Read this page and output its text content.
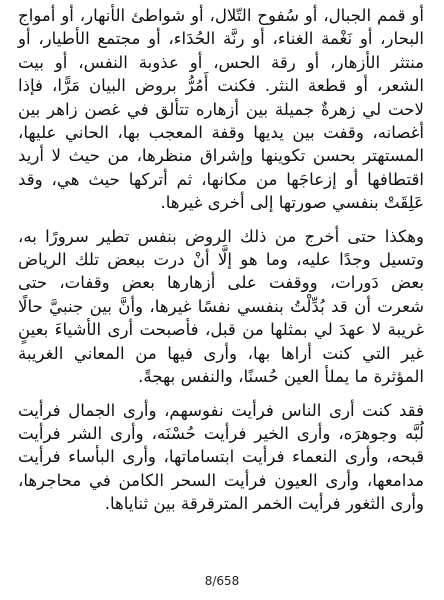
أو قمم الجبال، أو سُفوح التّلال، أو شواطئ الأنهار، أو أمواج البحار، أو نَغْمة الغناء، أو رنَّة الحُدَاء، أو مجتمع الأطيار، أو منتثر الأزهار، أو رقة الحس، أو عذوبة النفس، أو بيت الشعر، أو قطعة النثر. فكنت أَمُرُّ بروض البيان مَرًّا، فإذا لاحت لي زهرةٌ جميلة بين أزهاره تتألق في غصن زاهر بين أغصانه، وقفت بين يديها وقفة المعجب بها، الحاني عليها، المستهتر بحسن تكوينها وإشراق منظرها، من حيث لا أريد اقتطافها أو إزعاجَها من مكانها، ثم أتركها حيث هي، وقد عَلِقَتْ بنفسي صورتها إلى أخرى غيرها.

وهكذا حتى أخرج من ذلك الروض بنفس تطير سرورًا به، وتسيل وجدًا عليه، وما هو إلَّا أنْ درت ببعض تلك الرياض بعض دَورات، ووقفت على أزهارها بعض وقفات، حتى شعرت أن قد بُدِّلْتُ بنفسي نفسًا غيرها، وأنَّ بين جنبيَّ حالًا غريبة لا عهدَ لي بمثلها من قبل، فأصبحت أرى الأشياءَ بعينٍ غير التي كنت أراها بها، وأرى فيها من المعاني الغريبة المؤثرة ما يملأ العين حُسنًا، والنفس بهجةً.

فقد كنت أرى الناس فرأيت نفوسهم، وأرى الجمال فرأيت لُبَّه وجوهرَه، وأرى الخير فرأيت حُسْنَه، وأرى الشر فرأيت قبحه، وأرى النعماء فرأيت ابتساماتها، وأرى البأساء فرأيت مدامعها، وأرى العيون فرأيت السحر الكامن في محاجرها، وأرى الثغور فرأيت الخمر المترقرقة بين ثناياها.

8/658
